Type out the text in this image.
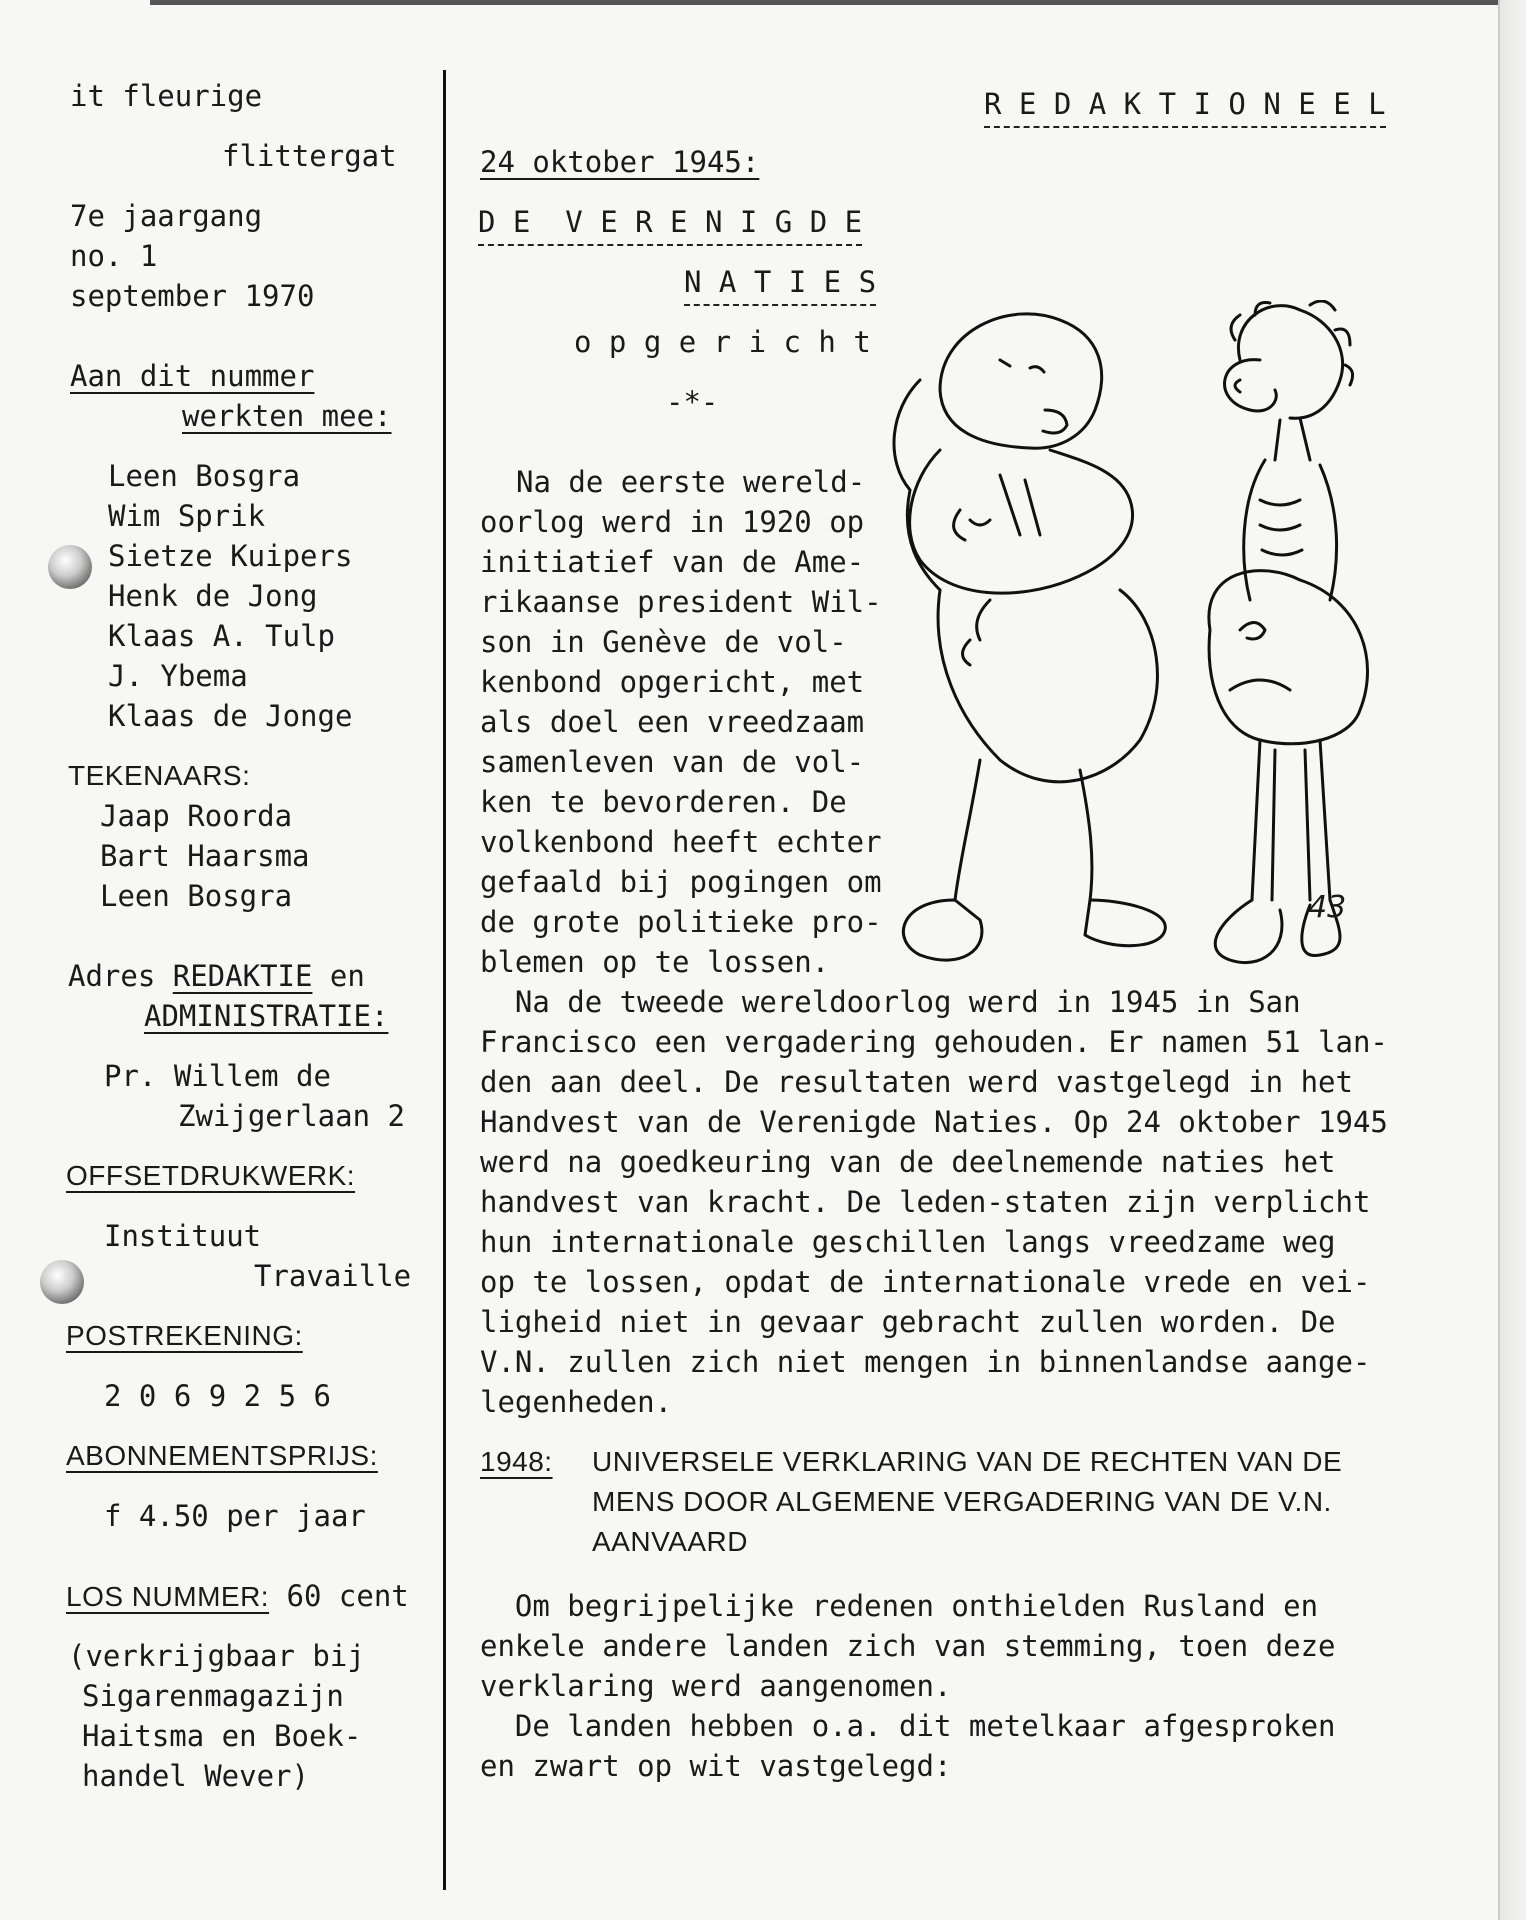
it fleurige
flittergat
7e jaargang
no. 1
september 1970
Aan dit nummer
werkten mee:
Leen Bosgra
Wim Sprik
Sietze Kuipers
Henk de Jong
Klaas A. Tulp
J. Ybema
Klaas de Jonge
TEKENAARS:
Jaap Roorda
Bart Haarsma
Leen Bosgra
Adres REDAKTIE en
ADMINISTRATIE:
Pr. Willem de
Zwijgerlaan 2
OFFSETDRUKWERK:
Instituut
Travaille
POSTREKENING:
2 0 6 9 2 5 6
ABONNEMENTSPRIJS:
f 4.50 per jaar
LOS NUMMER: 60 cent
(verkrijgbaar bij
Sigarenmagazijn
Haitsma en Boek-
handel Wever)
R E D A K T I O N E E L
24 oktober 1945:
D E  V E R E N I G D E
N A T I E S
o p g e r i c h t
-*-
Na de eerste wereld-
oorlog werd in 1920 op
initiatief van de Ame-
rikaanse president Wil-
son in Genève de vol-
kenbond opgericht, met
als doel een vreedzaam
samenleven van de vol-
ken te bevorderen. De
volkenbond heeft echter
gefaald bij pogingen om
de grote politieke pro-
blemen op te lossen.
43
Na de tweede wereldoorlog werd in 1945 in San
Francisco een vergadering gehouden. Er namen 51 lan-
den aan deel. De resultaten werd vastgelegd in het
Handvest van de Verenigde Naties. Op 24 oktober 1945
werd na goedkeuring van de deelnemende naties het
handvest van kracht. De leden-staten zijn verplicht
hun internationale geschillen langs vreedzame weg
op te lossen, opdat de internationale vrede en vei-
ligheid niet in gevaar gebracht zullen worden. De
V.N. zullen zich niet mengen in binnenlandse aange-
legenheden.
1948: UNIVERSELE VERKLARING VAN DE RECHTEN VAN DE
MENS DOOR ALGEMENE VERGADERING VAN DE V.N.
AANVAARD
Om begrijpelijke redenen onthielden Rusland en
enkele andere landen zich van stemming, toen deze
verklaring werd aangenomen.
De landen hebben o.a. dit metelkaar afgesproken
en zwart op wit vastgelegd:
